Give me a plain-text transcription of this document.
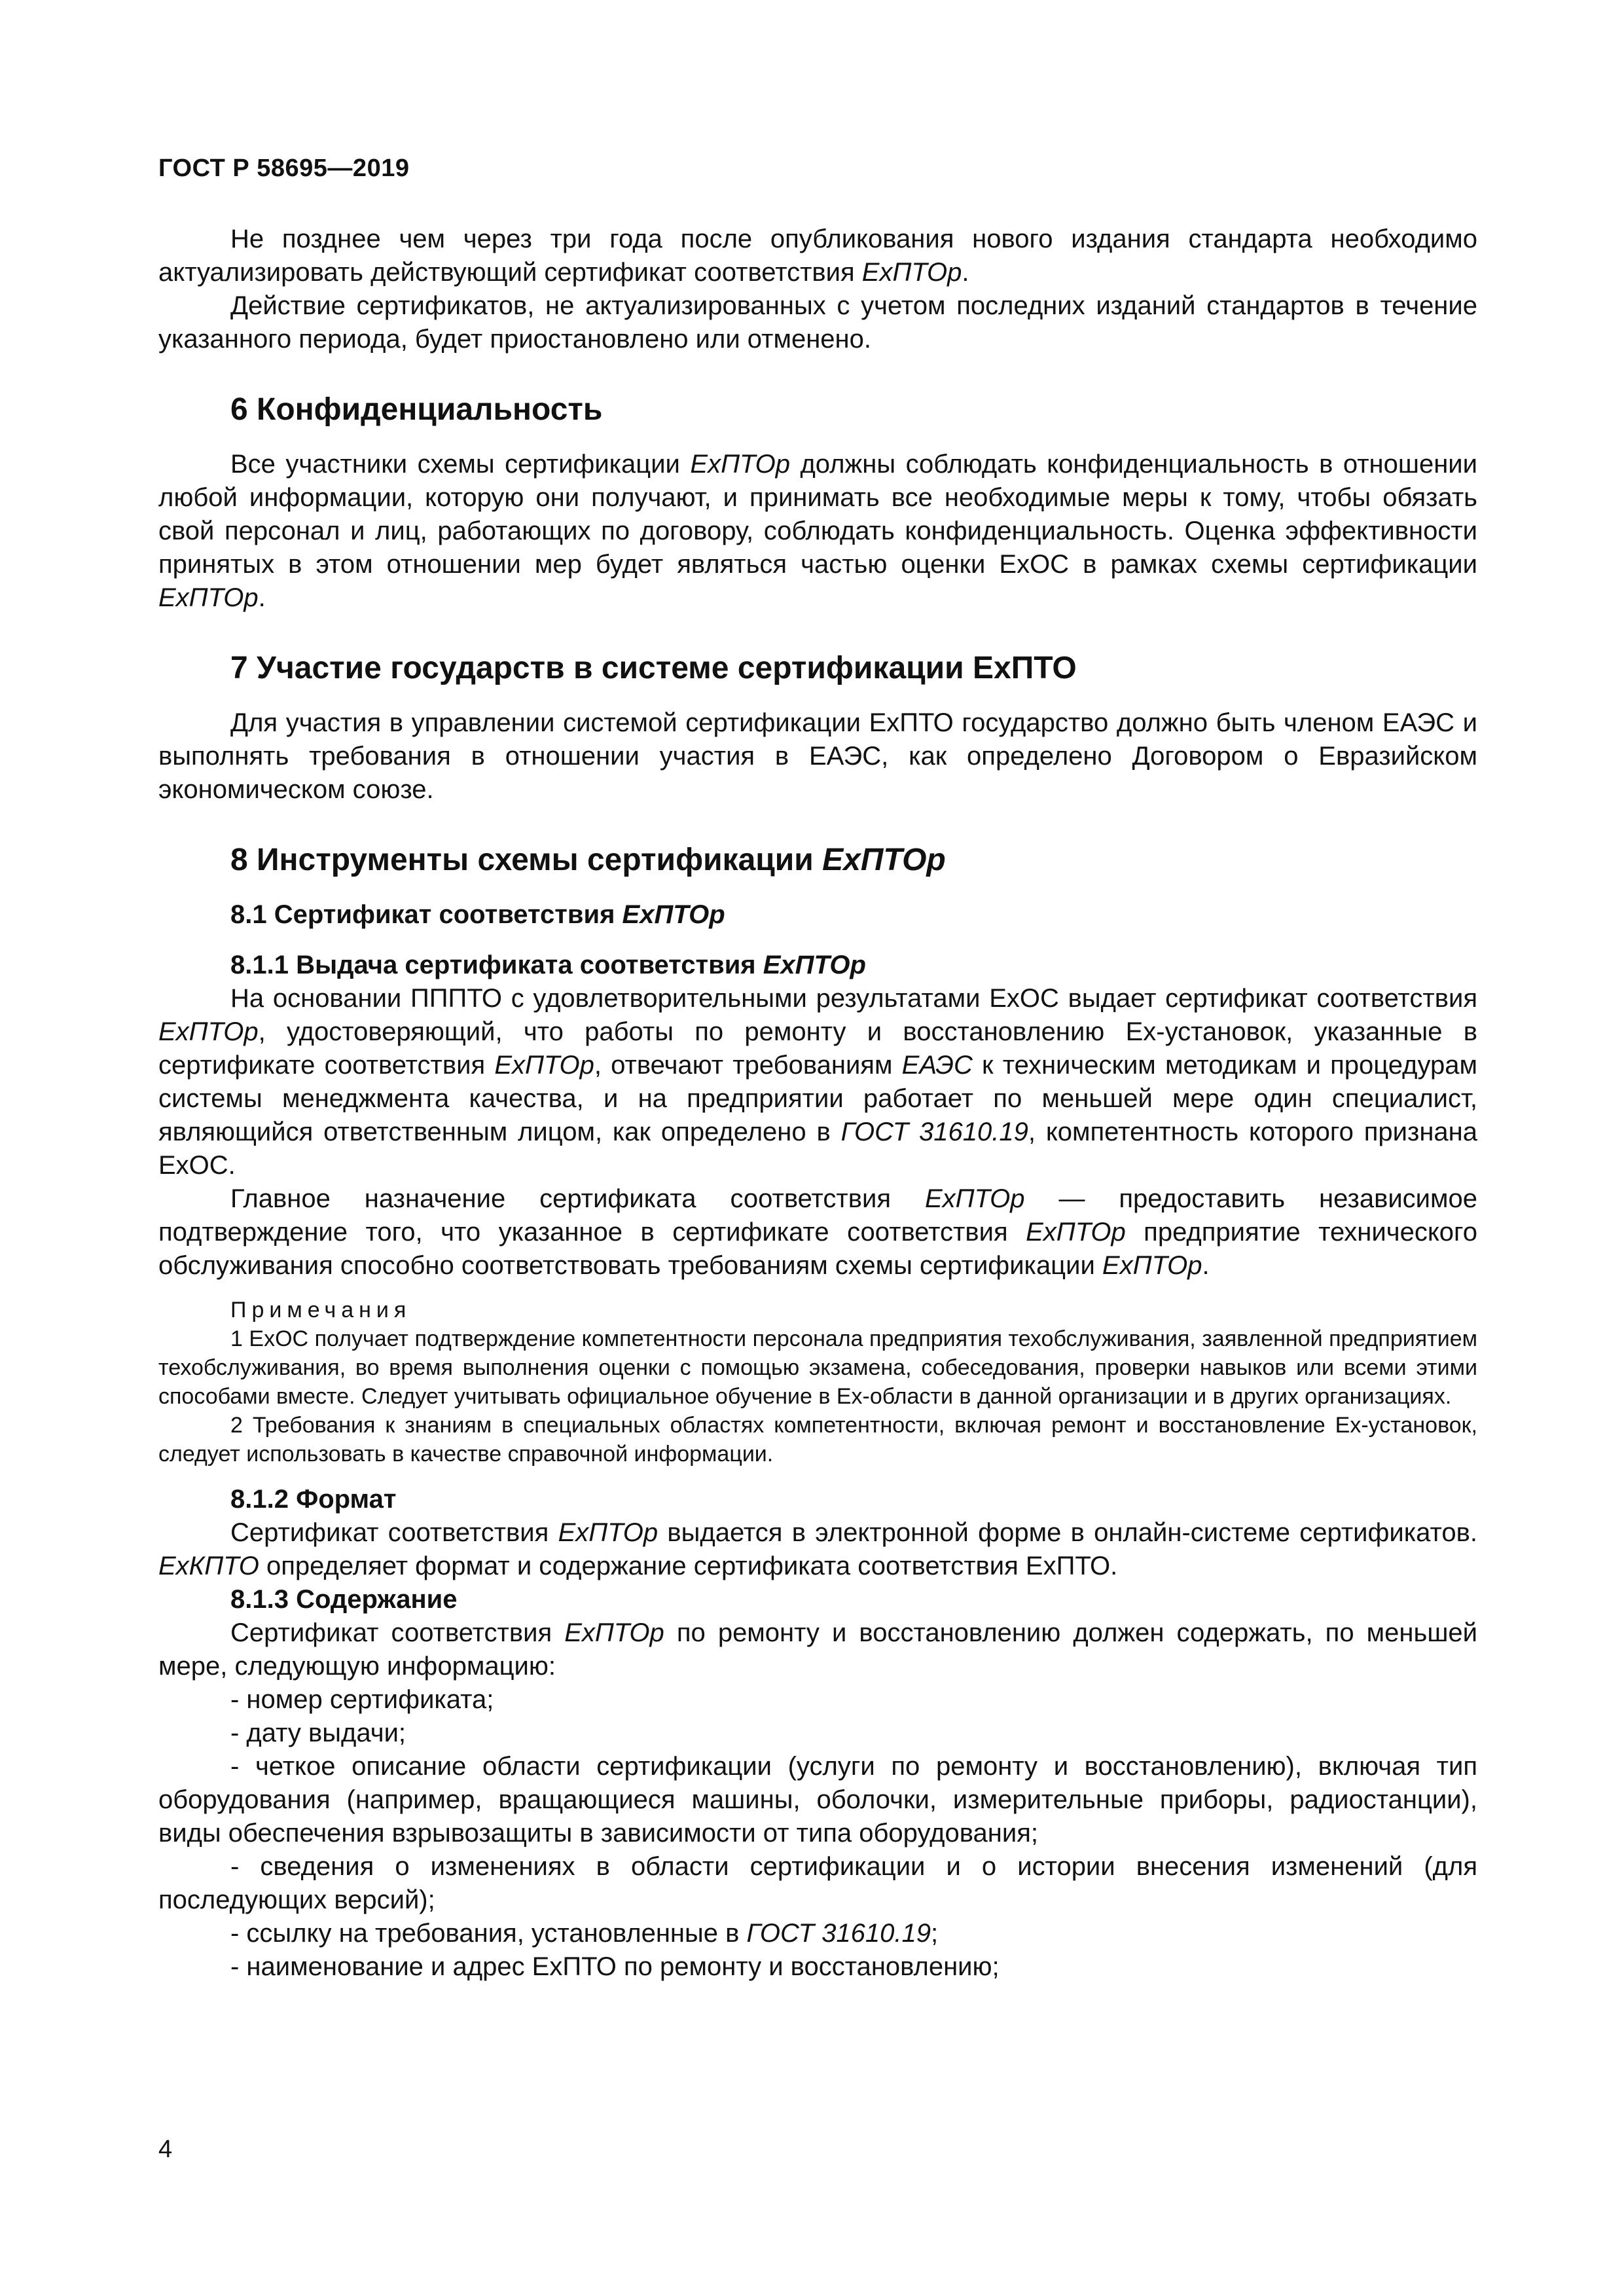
ГОСТ Р 58695—2019

Не позднее чем через три года после опубликования нового издания стандарта необходимо актуализировать действующий сертификат соответствия ExПТОр.

Действие сертификатов, не актуализированных с учетом последних изданий стандартов в течение указанного периода, будет приостановлено или отменено.

6 Конфиденциальность

Все участники схемы сертификации ExПТОр должны соблюдать конфиденциальность в отношении любой информации, которую они получают, и принимать все необходимые меры к тому, чтобы обязать свой персонал и лиц, работающих по договору, соблюдать конфиденциальность. Оценка эффективности принятых в этом отношении мер будет являться частью оценки ExОС в рамках схемы сертификации ExПТОр.

7 Участие государств в системе сертификации ExПТО

Для участия в управлении системой сертификации ExПТО государство должно быть членом ЕАЭС и выполнять требования в отношении участия в ЕАЭС, как определено Договором о Евразийском экономическом союзе.

8 Инструменты схемы сертификации ExПТОр
8.1 Сертификат соответствия ExПТОр
8.1.1 Выдача сертификата соответствия ExПТОр

На основании ПППТО с удовлетворительными результатами ExОС выдает сертификат соответствия ExПТОр, удостоверяющий, что работы по ремонту и восстановлению Ex-установок, указанные в сертификате соответствия ExПТОр, отвечают требованиям ЕАЭС к техническим методикам и процедурам системы менеджмента качества, и на предприятии работает по меньшей мере один специалист, являющийся ответственным лицом, как определено в ГОСТ 31610.19, компетентность которого признана ExОС.

Главное назначение сертификата соответствия ExПТОр — предоставить независимое подтверждение того, что указанное в сертификате соответствия ExПТОр предприятие технического обслуживания способно соответствовать требованиям схемы сертификации ExПТОр.

Примечания

1 ExОС получает подтверждение компетентности персонала предприятия техобслуживания, заявленной предприятием техобслуживания, во время выполнения оценки с помощью экзамена, собеседования, проверки навыков или всеми этими способами вместе. Следует учитывать официальное обучение в Ex-области в данной организации и в других организациях.

2 Требования к знаниям в специальных областях компетентности, включая ремонт и восстановление Ex-установок, следует использовать в качестве справочной информации.

8.1.2 Формат

Сертификат соответствия ExПТОр выдается в электронной форме в онлайн-системе сертификатов. ExКПТО определяет формат и содержание сертификата соответствия ExПТО.

8.1.3 Содержание

Сертификат соответствия ExПТОр по ремонту и восстановлению должен содержать, по меньшей мере, следующую информацию:

- номер сертификата;
- дату выдачи;
- четкое описание области сертификации (услуги по ремонту и восстановлению), включая тип оборудования (например, вращающиеся машины, оболочки, измерительные приборы, радиостанции), виды обеспечения взрывозащиты в зависимости от типа оборудования;
- сведения о изменениях в области сертификации и о истории внесения изменений (для последующих версий);
- ссылку на требования, установленные в ГОСТ 31610.19;
- наименование и адрес ExПТО по ремонту и восстановлению;
4
